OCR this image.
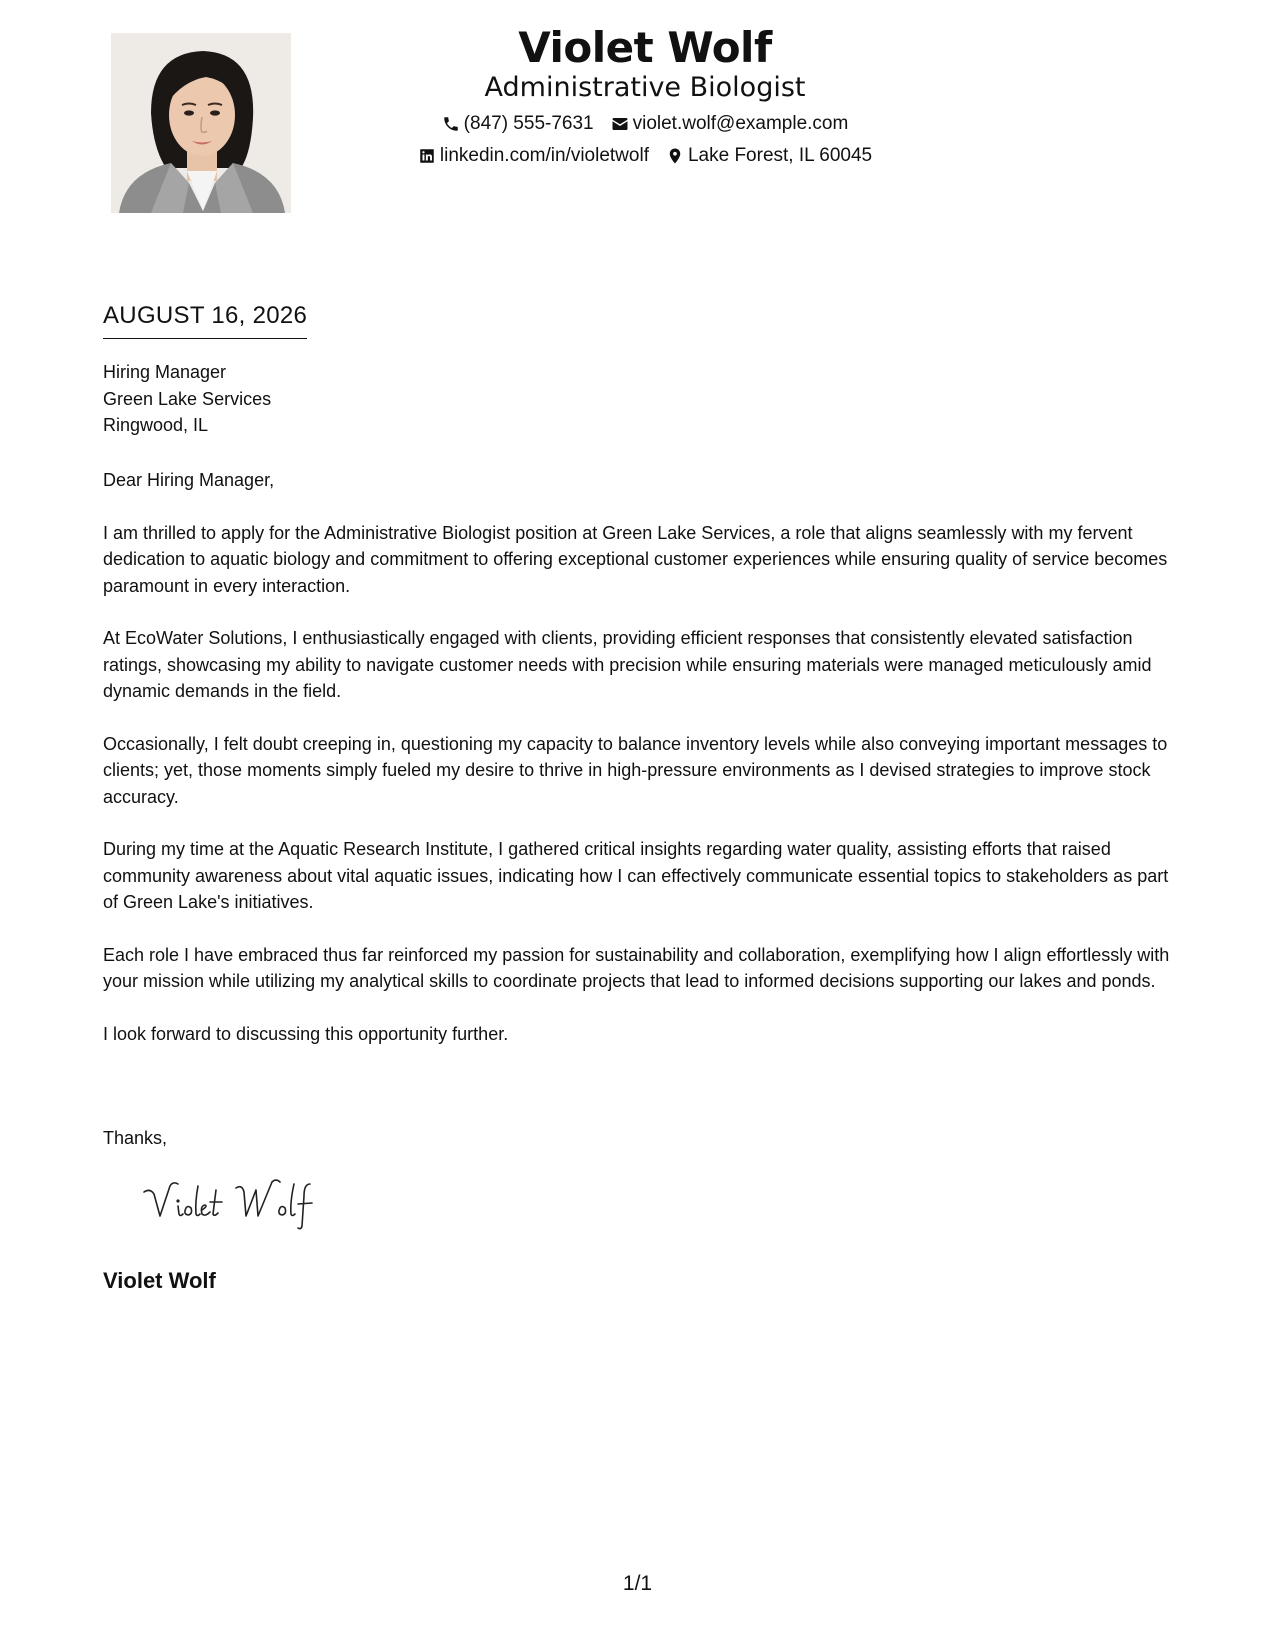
Violet Wolf
Administrative Biologist
(847) 555-7631 violet.wolf@example.com
linkedin.com/in/violetwolf Lake Forest, IL 60045
AUGUST 16, 2026
Hiring Manager
Green Lake Services
Ringwood, IL

Dear Hiring Manager,

I am thrilled to apply for the Administrative Biologist position at Green Lake Services, a role that aligns seamlessly with my fervent dedication to aquatic biology and commitment to offering exceptional customer experiences while ensuring quality of service becomes paramount in every interaction.

At EcoWater Solutions, I enthusiastically engaged with clients, providing efficient responses that consistently elevated satisfaction ratings, showcasing my ability to navigate customer needs with precision while ensuring materials were managed meticulously amid dynamic demands in the field.

Occasionally, I felt doubt creeping in, questioning my capacity to balance inventory levels while also conveying important messages to clients; yet, those moments simply fueled my desire to thrive in high-pressure environments as I devised strategies to improve stock accuracy.

During my time at the Aquatic Research Institute, I gathered critical insights regarding water quality, assisting efforts that raised community awareness about vital aquatic issues, indicating how I can effectively communicate essential topics to stakeholders as part of Green Lake's initiatives.

Each role I have embraced thus far reinforced my passion for sustainability and collaboration, exemplifying how I align effortlessly with your mission while utilizing my analytical skills to coordinate projects that lead to informed decisions supporting our lakes and ponds.

I look forward to discussing this opportunity further.

Thanks,
Violet Wolf
1/1
